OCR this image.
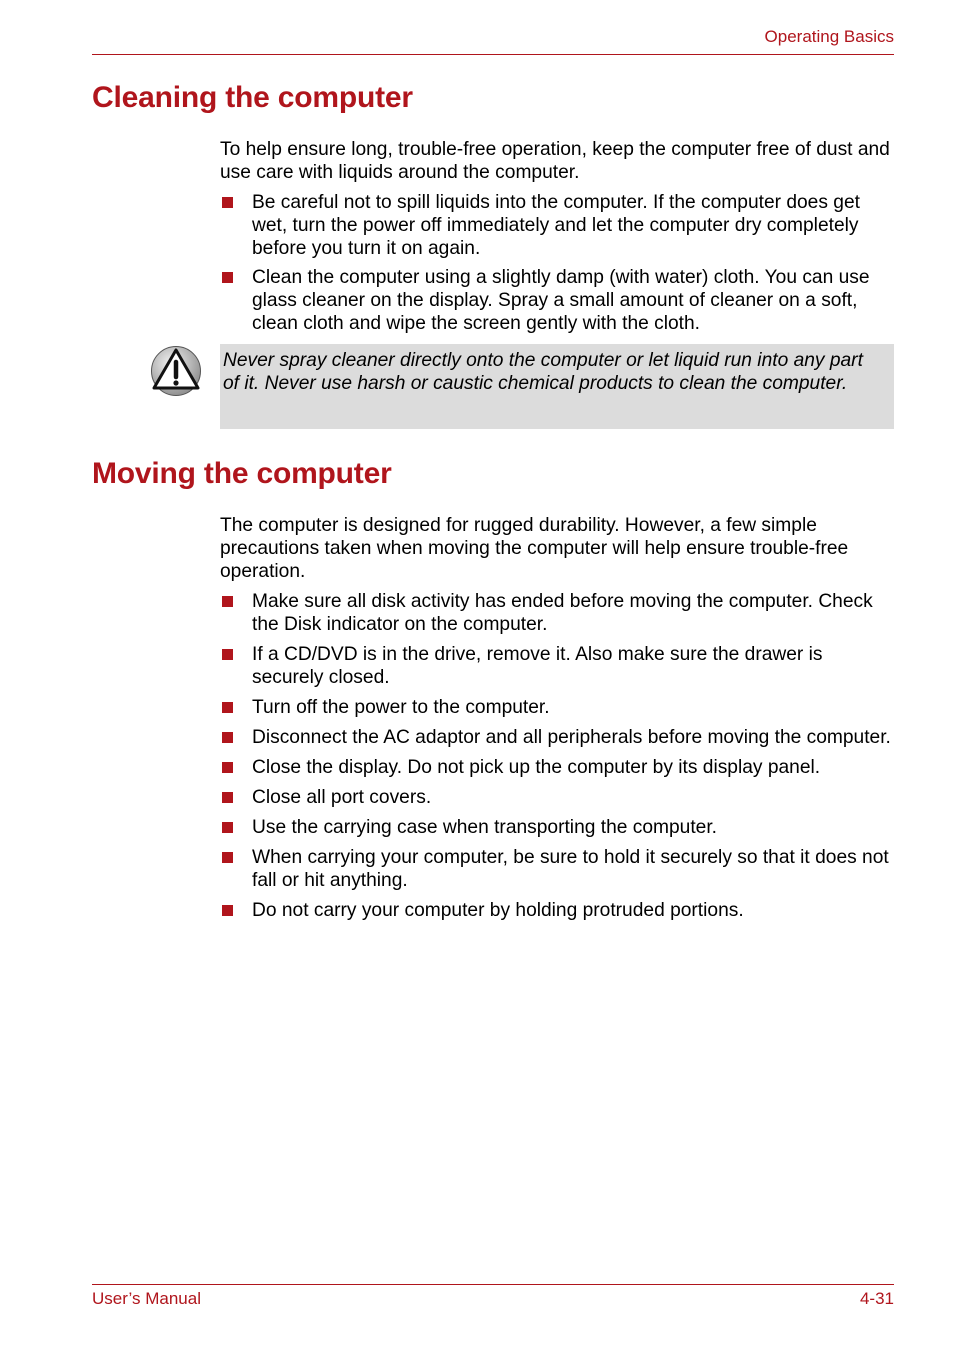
Operating Basics
Cleaning the computer

To help ensure long, trouble-free operation, keep the computer free of dust and use care with liquids around the computer.

Be careful not to spill liquids into the computer. If the computer does get wet, turn the power off immediately and let the computer dry completely before you turn it on again.
Clean the computer using a slightly damp (with water) cloth. You can use glass cleaner on the display. Spray a small amount of cleaner on a soft, clean cloth and wipe the screen gently with the cloth.
Never spray cleaner directly onto the computer or let liquid run into any part of it. Never use harsh or caustic chemical products to clean the computer.
Moving the computer

The computer is designed for rugged durability. However, a few simple precautions taken when moving the computer will help ensure trouble-free operation.

Make sure all disk activity has ended before moving the computer. Check the Disk indicator on the computer.
If a CD/DVD is in the drive, remove it. Also make sure the drawer is securely closed.
Turn off the power to the computer.
Disconnect the AC adaptor and all peripherals before moving the computer.
Close the display. Do not pick up the computer by its display panel.
Close all port covers.
Use the carrying case when transporting the computer.
When carrying your computer, be sure to hold it securely so that it does not fall or hit anything.
Do not carry your computer by holding protruded portions.
User’s Manual	4-31
